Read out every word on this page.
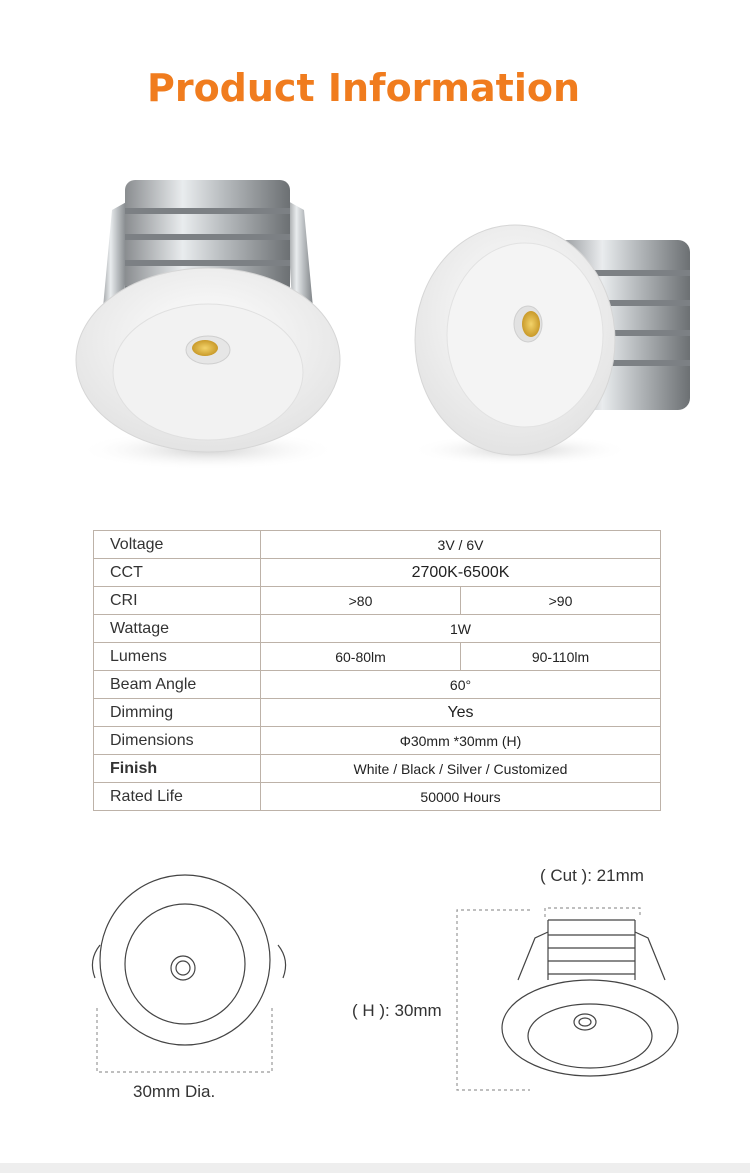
Product Information
Voltage	3V / 6V	
CCT	2700K-6500K	
CRI	>80	>90
Wattage	1W	
Lumens	60-80lm	90-110lm
Beam Angle	60°	
Dimming	Yes	
Dimensions	Φ30mm *30mm (H)	
Finish	White / Black / Silver / Customized	
Rated Life	50000 Hours	
30mm Dia.
( Cut ): 21mm
( H ): 30mm
